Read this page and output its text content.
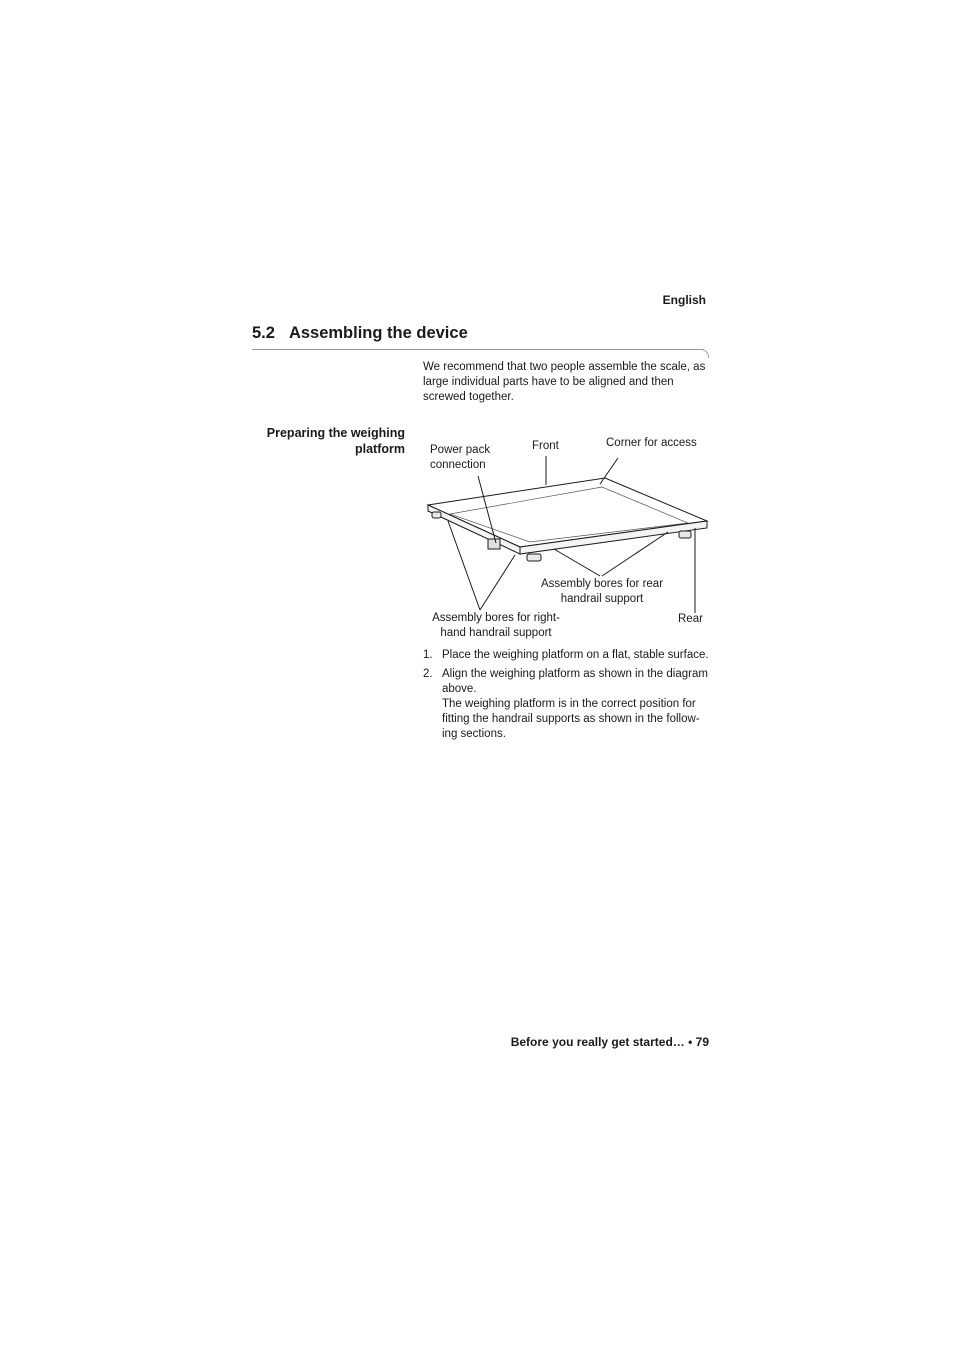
English
5.2 Assembling the device
We recommend that two people assemble the scale, as large individual parts have to be aligned and then screwed together.
Preparing the weighing
platform Power pack
connection
Front	Corner for access
Assembly bores for rear
handrail support
Assembly bores for right-
hand handrail support
Rear
1. Place the weighing platform on a flat, stable surface.

2. Align the weighing platform as shown in the diagram above.

The weighing platform is in the correct position for fitting the handrail supports as shown in the follow-ing sections.

Before you really get started… • 79
